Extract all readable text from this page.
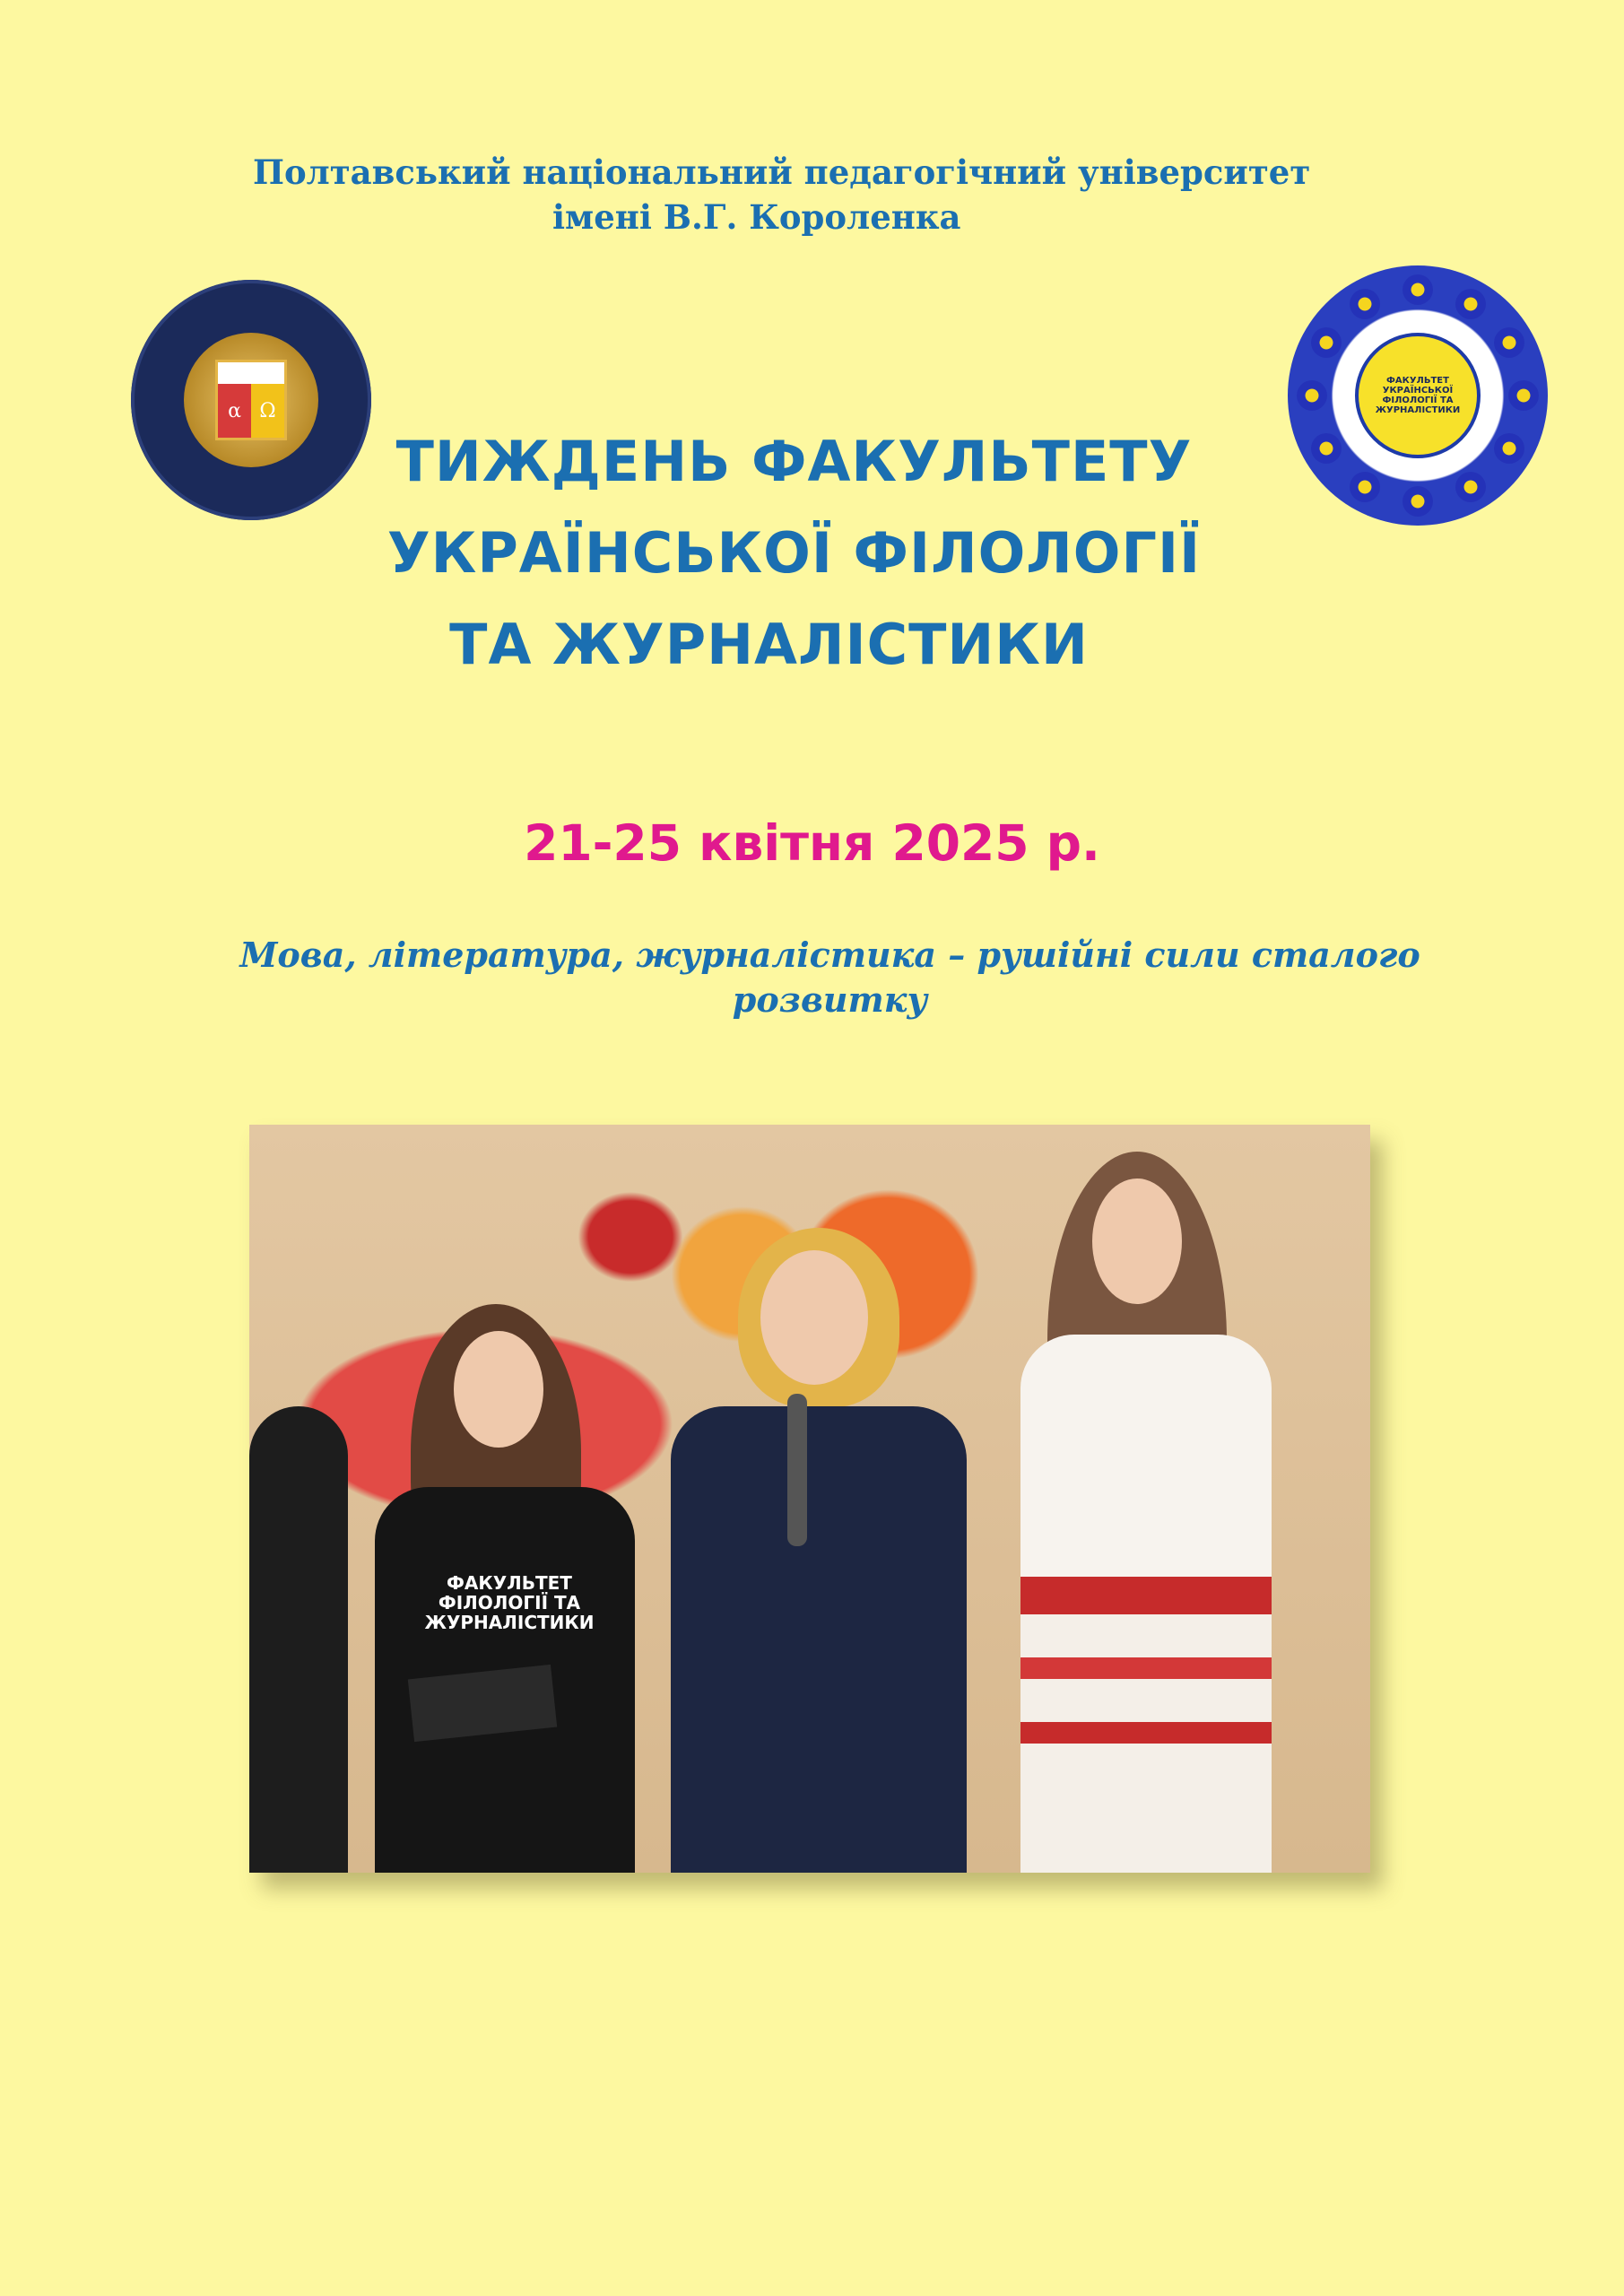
Полтавський національний педагогічний університет
імені В.Г. Короленка
α Ω
ФАКУЛЬТЕТ УКРАЇНСЬКОЇ ФІЛОЛОГІЇ ТА ЖУРНАЛІСТИКИ
ТИЖДЕНЬ ФАКУЛЬТЕТУ
УКРАЇНСЬКОЇ ФІЛОЛОГІЇ
ТА ЖУРНАЛІСТИКИ
21-25 квітня 2025 р.
Мова, література, журналістика – рушійні сили сталого
розвитку
ФАКУЛЬТЕТ ФІЛОЛОГІЇ ТА ЖУРНАЛІСТИКИ
